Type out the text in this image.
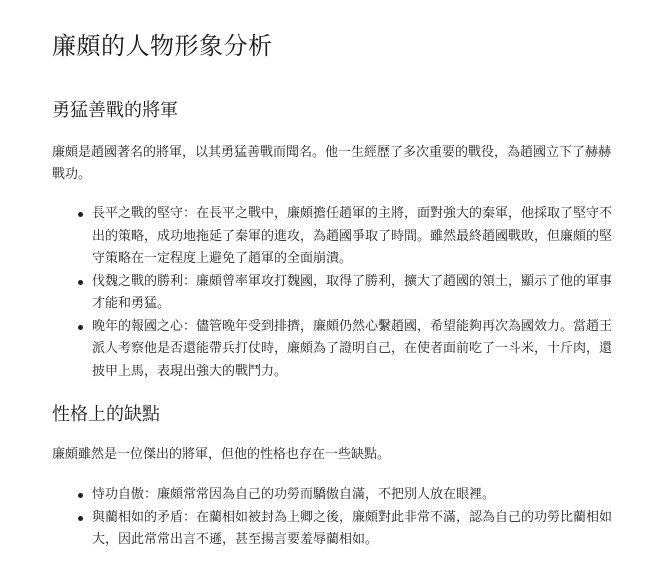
廉頗的人物形象分析
勇猛善戰的將軍

廉頗是趙國著名的將軍，以其勇猛善戰而聞名。他一生經歷了多次重要的戰役，為趙國立下了赫赫戰功。

長平之戰的堅守：在長平之戰中，廉頗擔任趙軍的主將，面對強大的秦軍，他採取了堅守不出的策略，成功地拖延了秦軍的進攻，為趙國爭取了時間。雖然最終趙國戰敗，但廉頗的堅守策略在一定程度上避免了趙軍的全面崩潰。
伐魏之戰的勝利：廉頗曾率軍攻打魏國，取得了勝利，擴大了趙國的領土，顯示了他的軍事才能和勇猛。
晚年的報國之心：儘管晚年受到排擠，廉頗仍然心繫趙國，希望能夠再次為國效力。當趙王派人考察他是否還能帶兵打仗時，廉頗為了證明自己，在使者面前吃了一斗米，十斤肉，還披甲上馬，表現出強大的戰鬥力。
性格上的缺點

廉頗雖然是一位傑出的將軍，但他的性格也存在一些缺點。

恃功自傲：廉頗常常因為自己的功勞而驕傲自滿，不把別人放在眼裡。
與藺相如的矛盾：在藺相如被封為上卿之後，廉頗對此非常不滿，認為自己的功勞比藺相如大，因此常常出言不遜，甚至揚言要羞辱藺相如。
